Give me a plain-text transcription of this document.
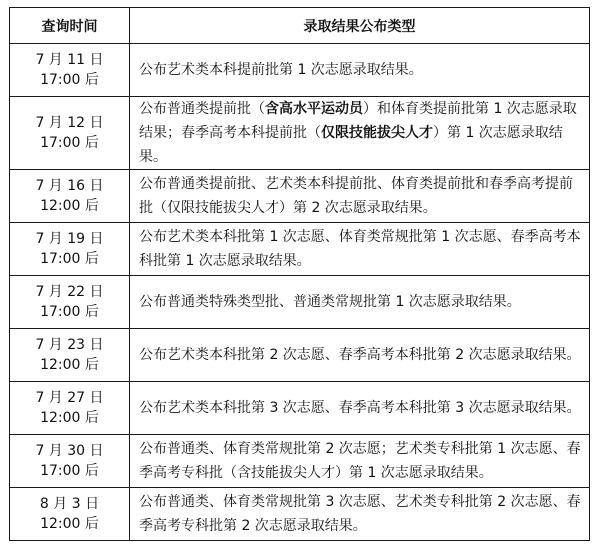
查询时间	录取结果公布类型

7 月 11 日
17:00 后	公布艺术类本科提前批第 1 次志愿录取结果。

7 月 12 日
17:00 后	公布普通类提前批（含高水平运动员）和体育类提前批第 1 次志愿录取结果；春季高考本科提前批（仅限技能拔尖人才）第 1 次志愿录取结果。

7 月 16 日
12:00 后	公布普通类提前批、艺术类本科提前批、体育类提前批和春季高考提前批（仅限技能拔尖人才）第 2 次志愿录取结果。

7 月 19 日
17:00 后	公布艺术类本科批第 1 次志愿、体育类常规批第 1 次志愿、春季高考本科批第 1 次志愿录取结果。

7 月 22 日
17:00 后	公布普通类特殊类型批、普通类常规批第 1 次志愿录取结果。

7 月 23 日
12:00 后	公布艺术类本科批第 2 次志愿、春季高考本科批第 2 次志愿录取结果。

7 月 27 日
12:00 后	公布艺术类本科批第 3 次志愿、春季高考本科批第 3 次志愿录取结果。

7 月 30 日
17:00 后	公布普通类、体育类常规批第 2 次志愿；艺术类专科批第 1 次志愿、春季高考专科批（含技能拔尖人才）第 1 次志愿录取结果。

8 月 3 日
12:00 后	公布普通类、体育类常规批第 3 次志愿、艺术类专科批第 2 次志愿、春季高考专科批第 2 次志愿录取结果。
